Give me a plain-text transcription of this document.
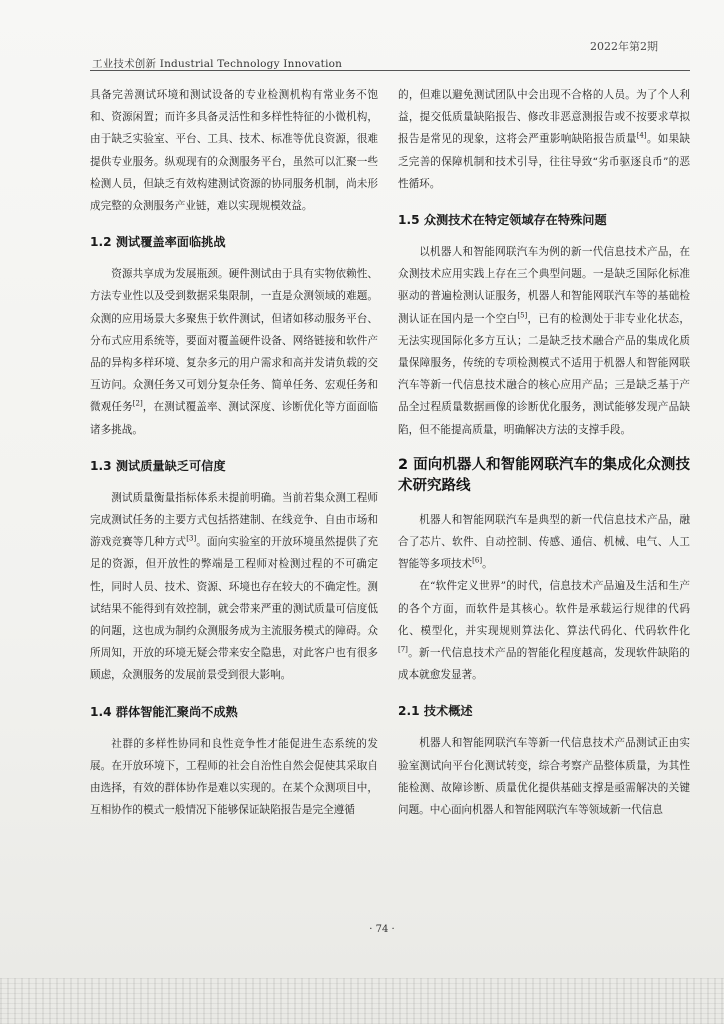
工业技术创新 Industrial Technology Innovation
2022年第2期

具备完善测试环境和测试设备的专业检测机构有常业务不饱和、资源闲置；而许多具备灵活性和多样性特征的小微机构，由于缺乏实验室、平台、工具、技术、标准等优良资源，很难提供专业服务。纵观现有的众测服务平台，虽然可以汇聚一些检测人员，但缺乏有效构建测试资源的协同服务机制，尚未形成完整的众测服务产业链，难以实现规模效益。

1.2 测试覆盖率面临挑战

资源共享成为发展瓶颈。硬件测试由于具有实物依赖性、方法专业性以及受到数据采集限制，一直是众测领域的难题。众测的应用场景大多聚焦于软件测试，但诸如移动服务平台、分布式应用系统等，要面对覆盖硬件设备、网络链接和软件产品的异构多样环境、复杂多元的用户需求和高并发请负载的交互访问。众测任务又可划分复杂任务、简单任务、宏观任务和微观任务[2]，在测试覆盖率、测试深度、诊断优化等方面面临诸多挑战。

1.3 测试质量缺乏可信度

测试质量衡量指标体系未提前明确。当前若集众测工程师完成测试任务的主要方式包括搭建制、在线竞争、自由市场和游戏竞赛等几种方式[3]。面向实验室的开放环境虽然提供了充足的资源，但开放性的弊端是工程师对检测过程的不可确定性，同时人员、技术、资源、环境也存在较大的不确定性。测试结果不能得到有效控制，就会带来严重的测试质量可信度低的问题，这也成为制约众测服务成为主流服务模式的障碍。众所周知，开放的环境无疑会带来安全隐患，对此客户也有很多顾虑，众测服务的发展前景受到很大影响。

1.4 群体智能汇聚尚不成熟

社群的多样性协同和良性竞争性才能促进生态系统的发展。在开放环境下，工程师的社会自治性自然会促使其采取自由选择，有效的群体协作是难以实现的。在某个众测项目中，互相协作的模式一般情况下能够保证缺陷报告是完全遵循

的，但难以避免测试团队中会出现不合格的人员。为了个人利益，提交低质量缺陷报告、修改非恶意测报告或不按要求草拟报告是常见的现象，这将会严重影响缺陷报告质量[4]。如果缺乏完善的保障机制和技术引导，往往导致“劣币驱逐良币”的恶性循环。

1.5 众测技术在特定领域存在特殊问题

以机器人和智能网联汽车为例的新一代信息技术产品，在众测技术应用实践上存在三个典型问题。一是缺乏国际化标准驱动的普遍检测认证服务，机器人和智能网联汽车等的基础检测认证在国内是一个空白[5]，已有的检测处于非专业化状态，无法实现国际化多方互认；二是缺乏技术融合产品的集成化质量保障服务，传统的专项检测模式不适用于机器人和智能网联汽车等新一代信息技术融合的核心应用产品；三是缺乏基于产品全过程质量数据画像的诊断优化服务，测试能够发现产品缺陷，但不能提高质量，明确解决方法的支撑手段。

2 面向机器人和智能网联汽车的集成化众测技术研究路线

机器人和智能网联汽车是典型的新一代信息技术产品，融合了芯片、软件、自动控制、传感、通信、机械、电气、人工智能等多项技术[6]。

在“软件定义世界”的时代，信息技术产品遍及生活和生产的各个方面，而软件是其核心。软件是承载运行规律的代码化、模型化，并实现规则算法化、算法代码化、代码软件化[7]。新一代信息技术产品的智能化程度越高，发现软件缺陷的成本就愈发显著。

2.1 技术概述

机器人和智能网联汽车等新一代信息技术产品测试正由实验室测试向平台化测试转变，综合考察产品整体质量，为其性能检测、故障诊断、质量优化提供基础支撑是亟需解决的关键问题。中心面向机器人和智能网联汽车等领域新一代信息

· 74 ·
